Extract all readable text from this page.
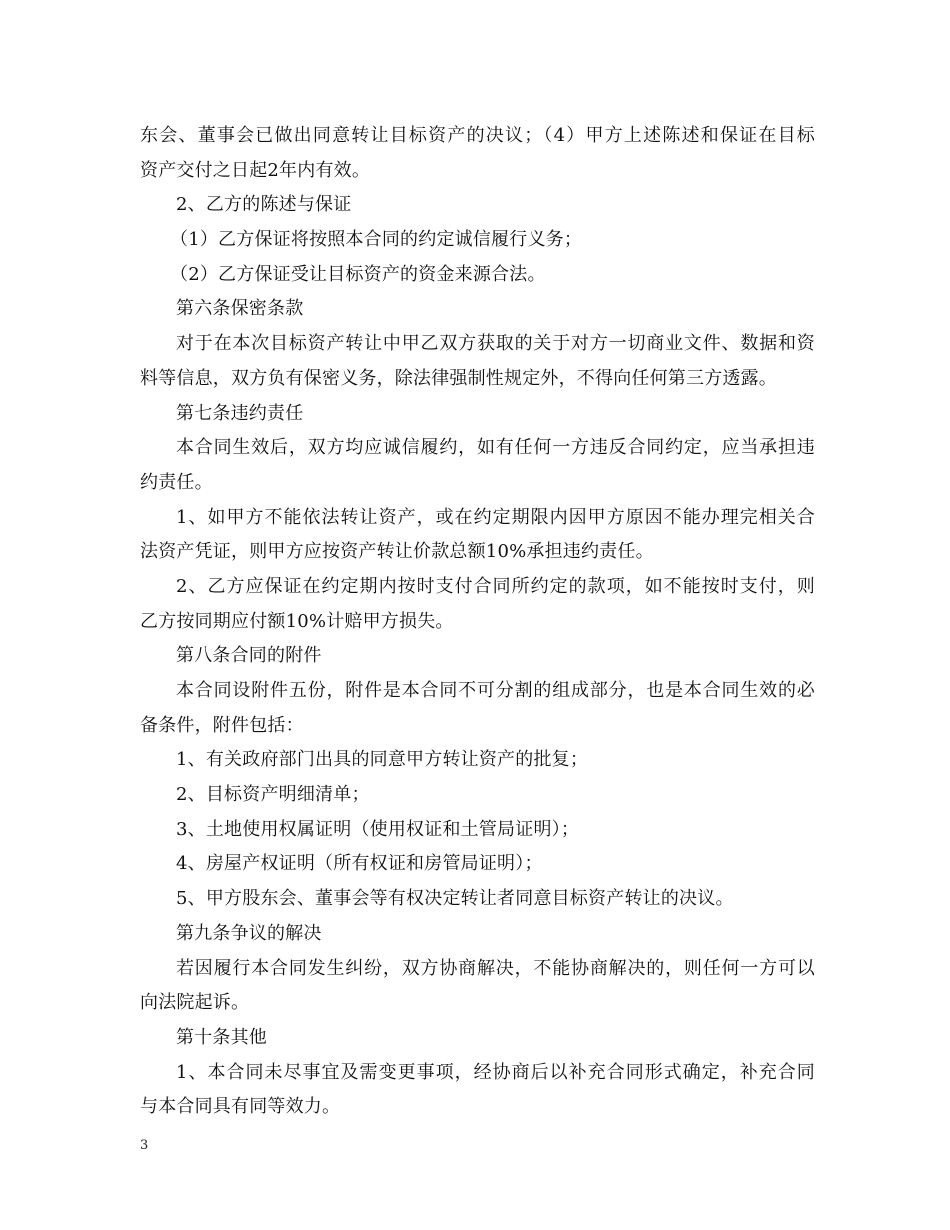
东会、董事会已做出同意转让目标资产的决议；（4）甲方上述陈述和保证在目标
资产交付之日起2年内有效。
2、乙方的陈述与保证
（1）乙方保证将按照本合同的约定诚信履行义务；
（2）乙方保证受让目标资产的资金来源合法。
第六条保密条款
对于在本次目标资产转让中甲乙双方获取的关于对方一切商业文件、数据和资
料等信息，双方负有保密义务，除法律强制性规定外，不得向任何第三方透露。
第七条违约责任
本合同生效后，双方均应诚信履约，如有任何一方违反合同约定，应当承担违
约责任。
1、如甲方不能依法转让资产，或在约定期限内因甲方原因不能办理完相关合
法资产凭证，则甲方应按资产转让价款总额10%承担违约责任。
2、乙方应保证在约定期内按时支付合同所约定的款项，如不能按时支付，则
乙方按同期应付额10%计赔甲方损失。
第八条合同的附件
本合同设附件五份，附件是本合同不可分割的组成部分，也是本合同生效的必
备条件，附件包括：
1、有关政府部门出具的同意甲方转让资产的批复；
2、目标资产明细清单；
3、土地使用权属证明（使用权证和土管局证明）；
4、房屋产权证明（所有权证和房管局证明）；
5、甲方股东会、董事会等有权决定转让者同意目标资产转让的决议。
第九条争议的解决
若因履行本合同发生纠纷，双方协商解决，不能协商解决的，则任何一方可以
向法院起诉。
第十条其他
1、本合同未尽事宜及需变更事项，经协商后以补充合同形式确定，补充合同
与本合同具有同等效力。
3
